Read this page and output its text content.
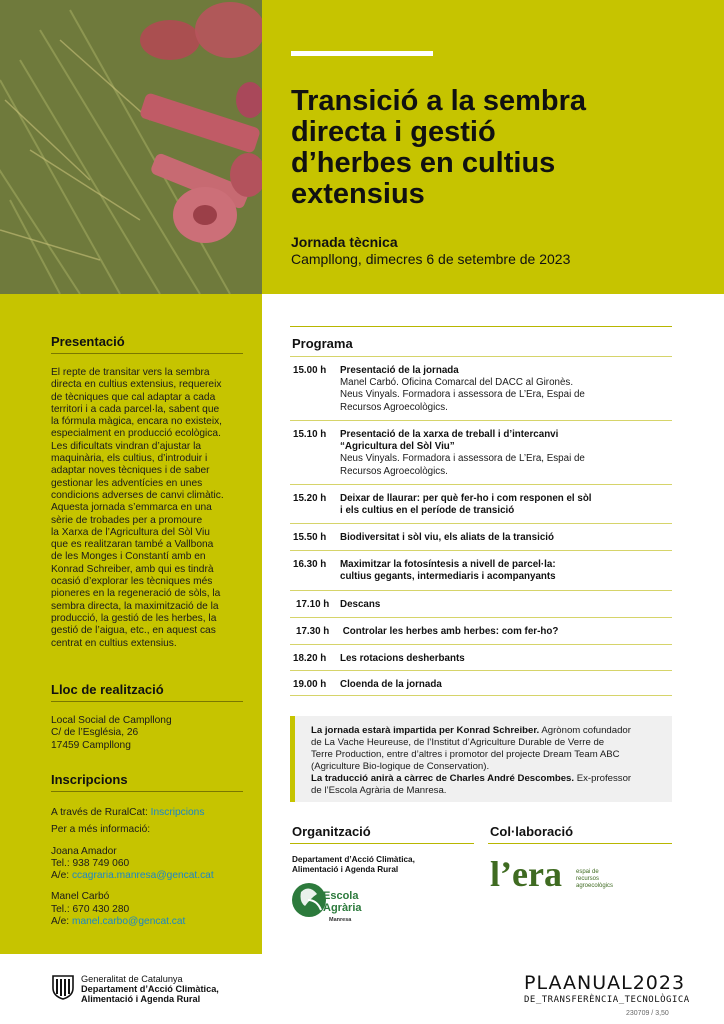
Transició a la sembra
directa i gestió
d’herbes en cultius
extensius
Jornada tècnica
Campllong, dimecres 6 de setembre de 2023
Presentació
El repte de transitar vers la sembra
directa en cultius extensius, requereix
de tècniques que cal adaptar a cada
territori i a cada parcel·la, sabent que
la fórmula màgica, encara no existeix,
especialment en producció ecològica.
Les dificultats vindran d’ajustar la
maquinària, els cultius, d’introduir i
adaptar noves tècniques i de saber
gestionar les adventícies en unes
condicions adverses de canvi climàtic.
Aquesta jornada s’emmarca en una
sèrie de trobades per a promoure
la Xarxa de l’Agricultura del Sòl Viu
que es realitzaran també a Vallbona
de les Monges i Constantí amb en
Konrad Schreiber, amb qui es tindrà
ocasió d’explorar les tècniques més
pioneres en la regeneració de sòls, la
sembra directa, la maximització de la
producció, la gestió de les herbes, la
gestió de l’aigua, etc., en aquest cas
centrat en cultius extensius.
Lloc de realització
Local Social de Campllong
C/ de l’Església, 26
17459 Campllong
Inscripcions
A través de RuralCat: Inscripcions
Per a més informació:
Joana Amador
Tel.: 938 749 060
A/e: ccagraria.manresa@gencat.cat
Manel Carbó
Tel.: 670 430 280
A/e: manel.carbo@gencat.cat
Programa
15.00 h	Presentació de la jornada
Manel Carbó. Oficina Comarcal del DACC al Gironès.
Neus Vinyals. Formadora i assessora de L’Era, Espai de
Recursos Agroecològics.
15.10 h	Presentació de la xarxa de treball i d’intercanvi
“Agricultura del Sòl Viu”
Neus Vinyals. Formadora i assessora de L’Era, Espai de
Recursos Agroecològics.
15.20 h	Deixar de llaurar: per què fer-ho i com responen el sòl
i els cultius en el període de transició
15.50 h	Biodiversitat i sòl viu, els aliats de la transició
16.30 h	Maximitzar la fotosíntesis a nivell de parcel·la:
cultius gegants, intermediaris i acompanyants
17.10 h	Descans
17.30 h	Controlar les herbes amb herbes: com fer-ho?
18.20 h	Les rotacions desherbants
19.00 h	Cloenda de la jornada
La jornada estarà impartida per Konrad Schreiber. Agrònom cofundador
de La Vache Heureuse, de l’Institut d’Agriculture Durable de Verre de
Terre Production, entre d’altres i promotor del projecte Dream Team ABC
(Agriculture Bio-logique de Conservation).
La traducció anirà a càrrec de Charles André Descombes. Ex-professor
de l’Escola Agrària de Manresa.
Organització
Departament d’Acció Climàtica,
Alimentació i Agenda Rural
Escola
Agrària
Manresa
Col·laboració
l’era espai de
recursos
agroecològics
Generalitat de Catalunya
Departament d’Acció Climàtica,
Alimentació i Agenda Rural
PLAANUAL2023
DE_TRANSFERÈNCIA_TECNOLÒGICA
230709 / 3,50
